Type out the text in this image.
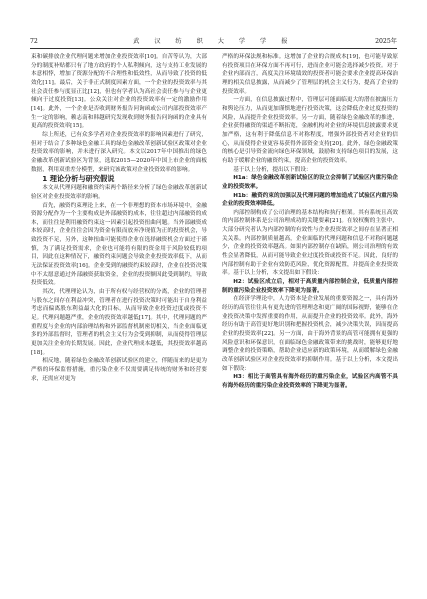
72	武 汉 纺 织 大 学 学 报	2025年

束和碳排放企业代理问题来增加企业投资效率[10]。自苦等认为，大部分的制度补贴都只有了地方政府的个人私利倾向，这与支持工业发展的本意相悖，增加了资源分配的不合理性和低效性，从而导致了投资的低效化[11]。最后，关于非正式制度因素方面，一个企业的投资效率与其社会责任参与度显正比[12]，但也有学者认为高社会责任参与与企业更倾向于过度投资[13]。公众关注对企业的投资效率有一定的激励作用[14]。此外，一个企业是否收到财务报告问询函或公司内部投资效率产生一定的影响，赖志南和韩越研究发现收到财务报告问询函的企业具有更高的投资效率[15]。

综上所述，已有众多学者对企业投资效率的影响因素进行了研究，但对于结合了多种绿色金融工具的绿色金融改革创新试验区政策对企业投资效率的影响，并未进行深入研究。本文以2017年中国推出的绿色金融改革创新试验区为背景，选取2015—2020年中国上市企业的面板数据，利用双重差分模型，来研究该政策对企业投资效率的影响。

1 理论分析与研究假说

本文从代理问题和融资约束两个路径来分析了绿色金融改革创新试验区对企业投资效率的影响。

首先，融资约束理论上来，在一个非理想的资本市场环境中，金融资源分配作为一个主要构成是外部融资的成本，往往超过内部融资的成本，而往往是利用融资约束这一因素引起投资扭曲问题。当外部融资成本较高时，企业往往会因为资金有限而放弃净现值为正的投资机会，导致投资不足，另外，这种扭曲可能使得企业在选择融资机会方面过于谨慎，为了满足投资需求，企业也可能将有限的资金用于风险较低的项目，因此在这种情况下，融资约束问题会导致企业投资效率低下，从而无法保证投资效率[16]。企业受到的融资约束较高时，企业在投资决策中不太愿意通过外部融资获取资金，企业的投资额因此受到制约，导致投资低效。

其次，代理理论认为，由于所有权与经营权的分离，企业的管理者与股东之间存在利益冲突，管理者在进行投资决策时可能出于自身利益考虑而偏离股东利益最大化的目标，从而导致企业投资过度或投资不足。代理问题越严重，企业的投资效率越低[17]。其中，代理问题的严重程度与企业的内部治理结构和外部监督机制密切相关，当企业面临更多的外部监督时，管理者的机会主义行为会受到抑制，从而使得管理层更加关注企业的长期发展。因此，企业代理成本越低，其投资效率越高[18]。

相反地，随着绿色金融改革创新试验区的建立，伴随而来的是更为严格的环保监督措施，重污染企业不仅需要满足传统的财务和经营要求，还需应对更为

严格的环保法规和标准。这增加了企业的合规成本[19]，也可能导致原有投资项目在环保方面不再可行，进而企业可能会选择减少投资。对于企业内部而言，高度关注环境绩效的投资者可能会要求企业提高环保治理的相关信息披露，从而减少了管理层的机会主义行为，提高了企业的投资效率。

一方面，在信息披露过程中，管理层可能面临更大的潜在披露压力和舆论压力，从而更加谨慎地进行投资决策，这会降低企业过度投资的风险，从而提升企业投资效率。另一方面，随着绿色金融改革的推进，企业获得融资的渠道不断拓宽，金融机构对企业的环境信息披露要求更加严格，这有利于降低信息不对称程度，增强外部投资者对企业的信心，从而使得企业更容易获得外部资金支持[20]。此外，绿色金融政策的核心是引导资金流向绿色环保领域，鼓励和支持绿色项目的发展，这有助于缓解企业的融资约束，提高企业的投资效率。

基于以上分析，提出以下假设：

H1a：绿色金融改革创新试验区的设立会抑制了试验区内重污染企业的投资效率。

H1b：融资约束的加强以及代理问题的增加造成了试验区内重污染企业的投资效率降低。

内部控制构成了公司治理的基本结构和执行框架。其有系统且高效的内部控制体系是公司治理成功的关键要素[21]。在较权衡的主张中，大部分研究者认为内部控制的有效性与企业投资效率之间存在显著正相关关系。内部控制质量越高，企业面临的代理问题和信息不对称问题越少，企业的投资效率越高。如果内部控制存在缺陷，则公司治理的有效性会显著降低，从而可能导致企业过度投资或投资不足。因此，良好的内部控制有助于企业有效防范风险，优化资源配置，并提高企业投资效率。基于以上分析，本文提出如下假设：

H2：试验区成立后，相对于高质量内部控制企业，低质量内部控制的重污染企业投资效率下降更为显著。

在经济学理论中，人力资本是企业发展的重要资源之一，具有海外经历的高管往往具有更先进的管理理念和更广阔的国际视野，能够在企业投资决策中发挥重要的作用，从而提升企业的投资效率。此外，海外经历有助于高管更好地识别和把握投资机会，减少决策失误，因而提高企业的投资效率[22]。另一方面，由于海外背景的高管可能拥有更强的风险意识和环保意识，在面临绿色金融政策带来的挑战时，能够更好地调整企业的投资策略，帮助企业适应新的政策环境，从而缓解绿色金融改革创新试验区对企业投资效率的抑制作用。基于以上分析，本文提出如下假设：

H3：相比于高管具有海外经历的重污染企业，试验区内高管不具有海外经历的重污染企业投资效率的下降更为显著。
